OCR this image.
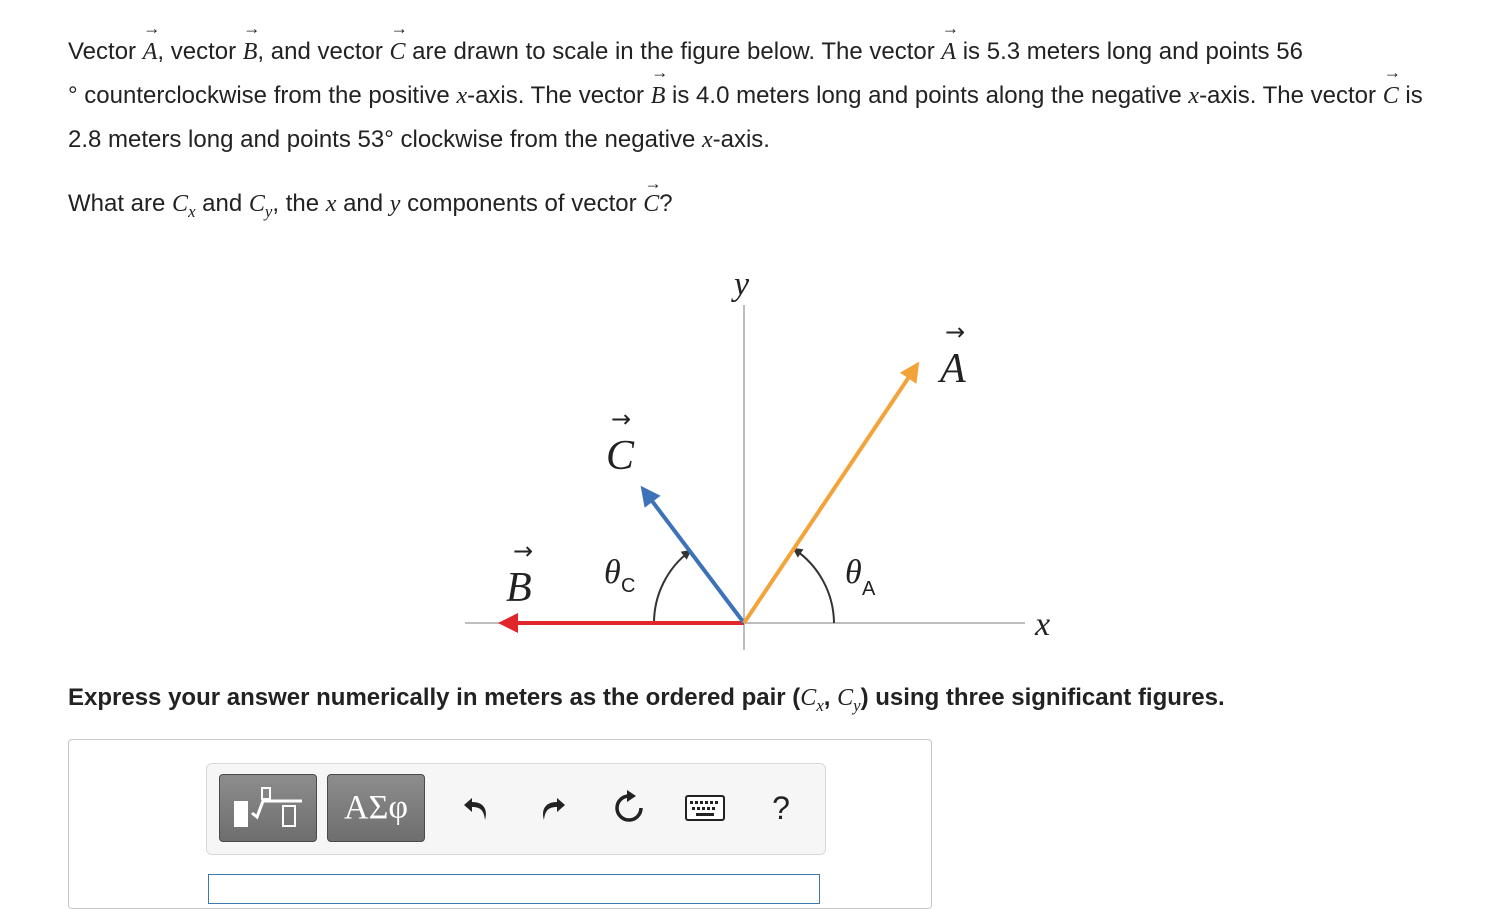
Vector A →, vector B →, and vector C → are drawn to scale in the figure below. The vector A → is 5.3 meters long and points 56
° counterclockwise from the positive x-axis. The vector B → is 4.0 meters long and points along the negative x-axis. The vector C → is 2.8 meters long and points 53° clockwise from the negative x-axis.

What are $C_x$ and $C_y$, the x and y components of vector C →?
y
x
A
→
C
→
B
→
θ C	θ A
Express your answer numerically in meters as the ordered pair ($C_x$, $C_y$) using three significant figures.
ΑΣφ	?
